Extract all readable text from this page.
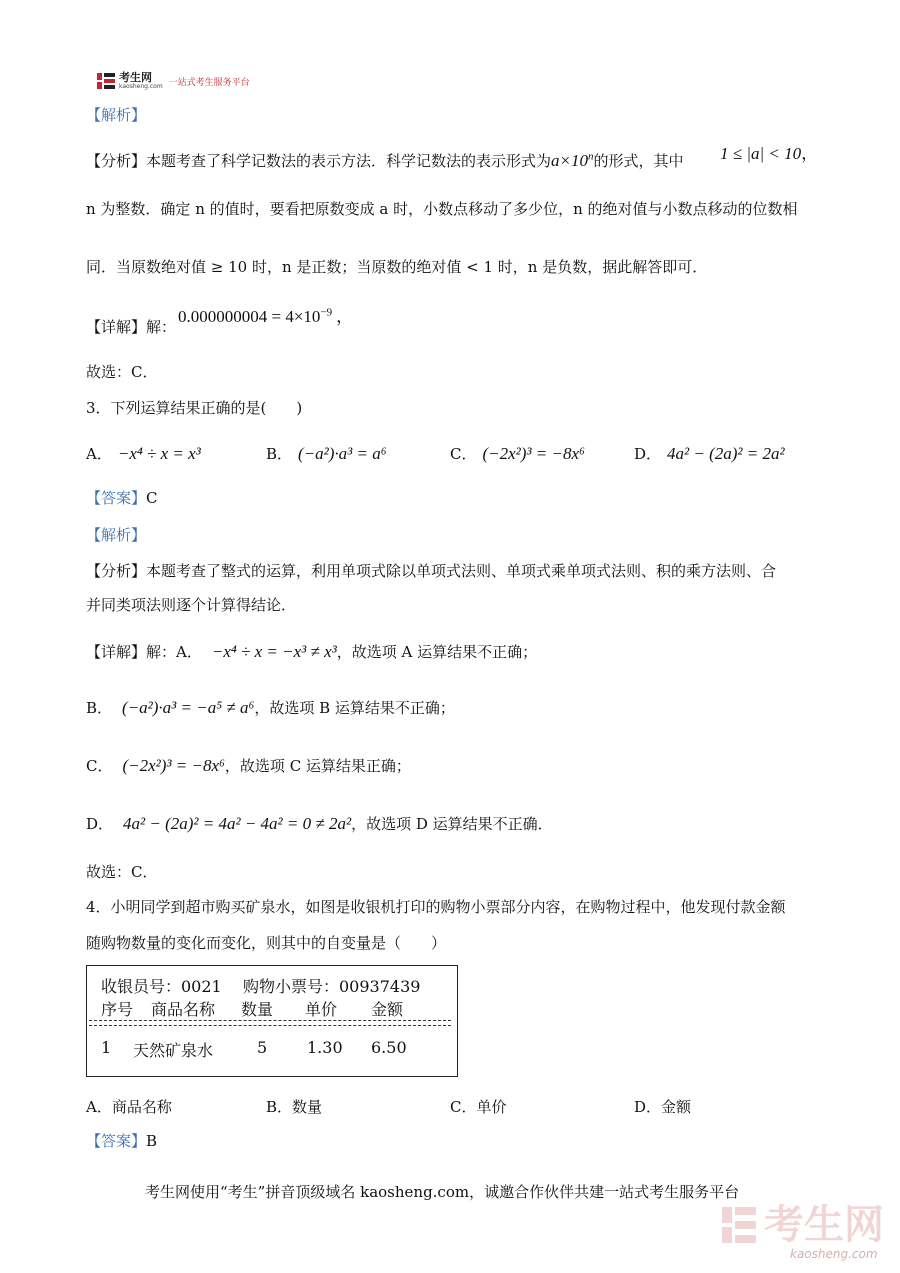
考生网
kaosheng.com 一站式考生服务平台
【解析】
【分析】本题考查了科学记数法的表示方法．科学记数法的表示形式为$a\times 10^n$的形式，其中 1 ≤ |a| < 10，
n 为整数．确定 n 的值时，要看把原数变成 a 时，小数点移动了多少位，n 的绝对值与小数点移动的位数相
同．当原数绝对值 ≥ 10 时，n 是正数；当原数的绝对值 < 1 时，n 是负数，据此解答即可．
【详解】解：
$0.000000004 = 4\times 10^{-9}$ ，
故选：C．
3．下列运算结果正确的是(　　)
A． −x⁴ ÷ x = x³	B． (−a²)·a³ = a⁶	C． (−2x²)³ = −8x⁶	D． 4a² − (2a)² = 2a²
【答案】C
【解析】
【分析】本题考查了整式的运算，利用单项式除以单项式法则、单项式乘单项式法则、积的乘方法则、合
并同类项法则逐个计算得结论．
【详解】解：A． −x⁴ ÷ x = −x³ ≠ x³，故选项 A 运算结果不正确；
B． (−a²)·a³ = −a⁵ ≠ a⁶，故选项 B 运算结果不正确；
C． (−2x²)³ = −8x⁶，故选项 C 运算结果正确；
D． 4a² − (2a)² = 4a² − 4a² = 0 ≠ 2a²，故选项 D 运算结果不正确．
故选：C．
4．小明同学到超市购买矿泉水，如图是收银机打印的购物小票部分内容，在购物过程中，他发现付款金额
随购物数量的变化而变化，则其中的自变量是（　　）
收银员号：0021 购物小票号：00937439
序号 商品名称 数量 单价 金额
1 天然矿泉水	5 1.30 6.50
A．商品名称	B．数量	C．单价	D．金额
【答案】B
考生网使用“考生”拼音顶级域名 kaosheng.com，诚邀合作伙伴共建一站式考生服务平台
考生网
kaosheng.com
